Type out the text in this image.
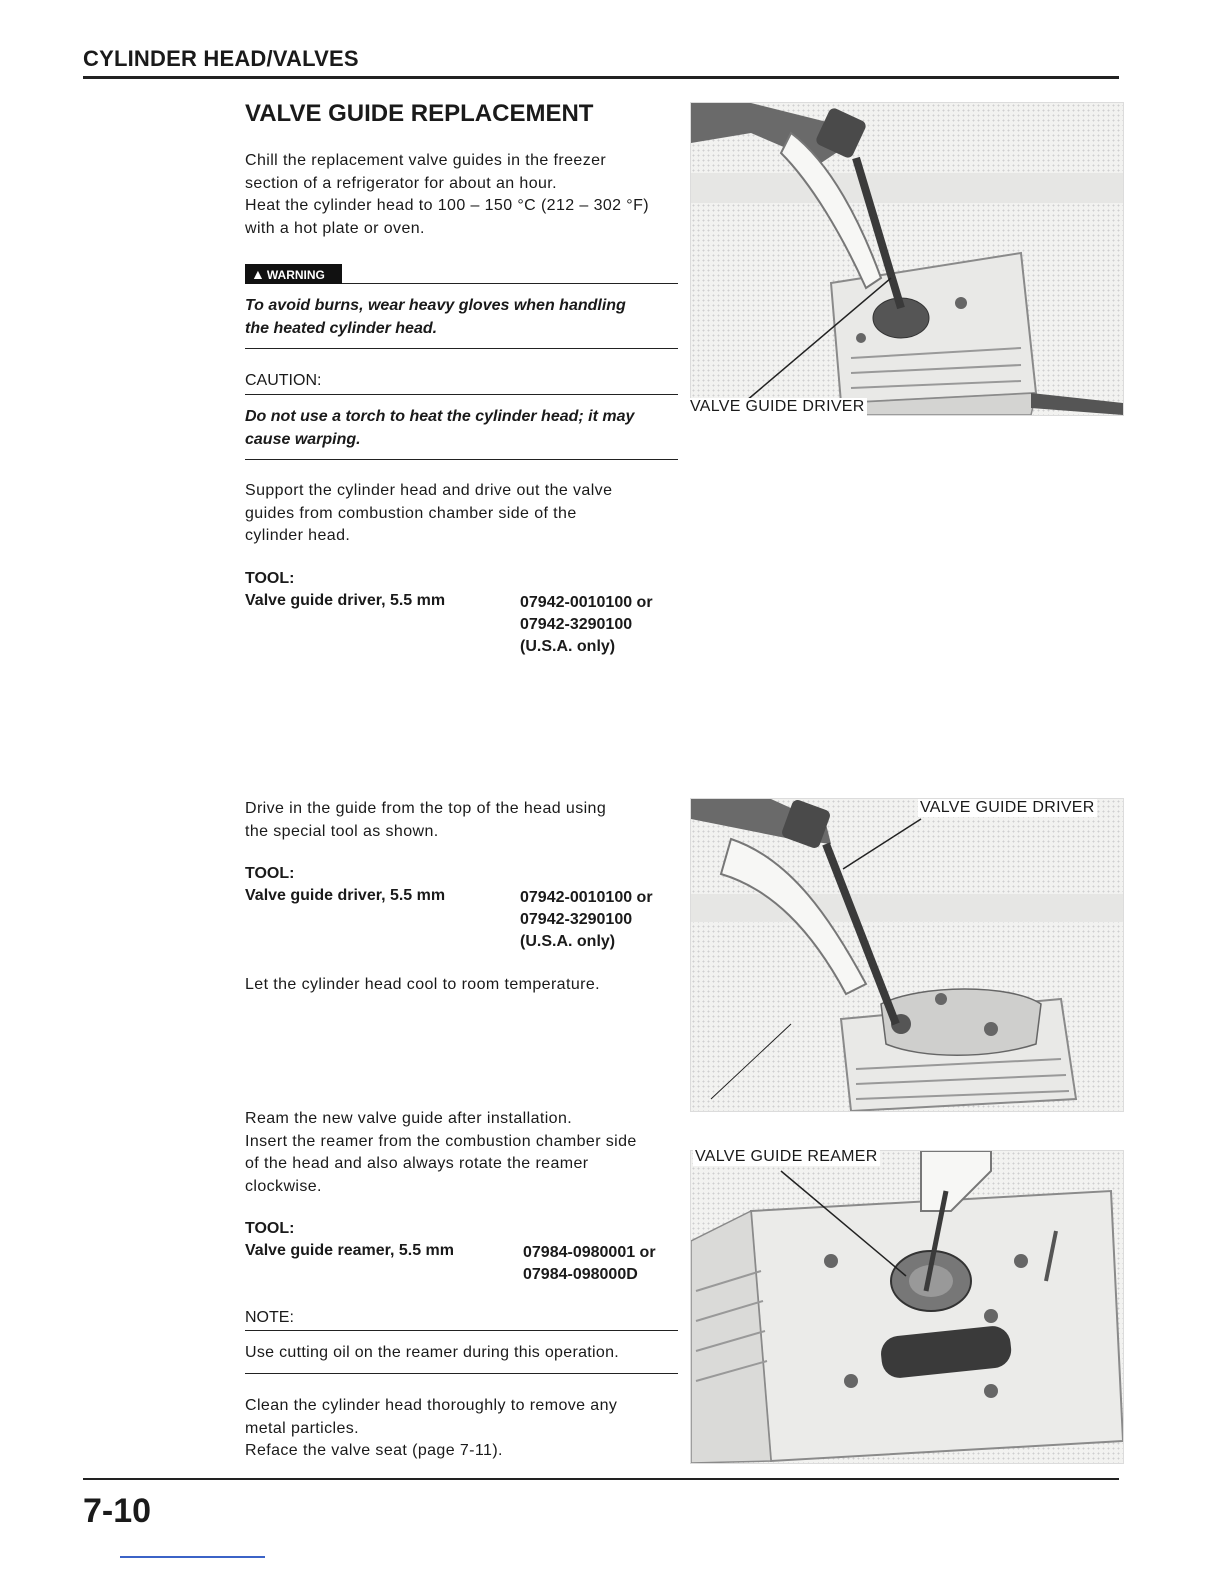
CYLINDER HEAD/VALVES
VALVE GUIDE REPLACEMENT
Chill the replacement valve guides in the freezer
section of a refrigerator for about an hour.
Heat the cylinder head to 100 – 150 °C (212 – 302 °F)
with a hot plate or oven.
▲ WARNING
To avoid burns, wear heavy gloves when handling
the heated cylinder head.
CAUTION:
Do not use a torch to heat the cylinder head; it may
cause warping.
Support the cylinder head and drive out the valve
guides from combustion chamber side of the
cylinder head.
TOOL:
Valve guide driver, 5.5 mm	07942-0010100 or
07942-3290100
(U.S.A. only)
VALVE GUIDE DRIVER
Drive in the guide from the top of the head using
the special tool as shown.
TOOL:
Valve guide driver, 5.5 mm	07942-0010100 or
07942-3290100
(U.S.A. only)
Let the cylinder head cool to room temperature.
VALVE GUIDE DRIVER
Ream the new valve guide after installation.
Insert the reamer from the combustion chamber side
of the head and also always rotate the reamer
clockwise.
TOOL:
Valve guide reamer, 5.5 mm	07984-0980001 or
07984-098000D
NOTE:
Use cutting oil on the reamer during this operation.
Clean the cylinder head thoroughly to remove any
metal particles.
Reface the valve seat (page 7-11).
VALVE GUIDE REAMER
7-10
